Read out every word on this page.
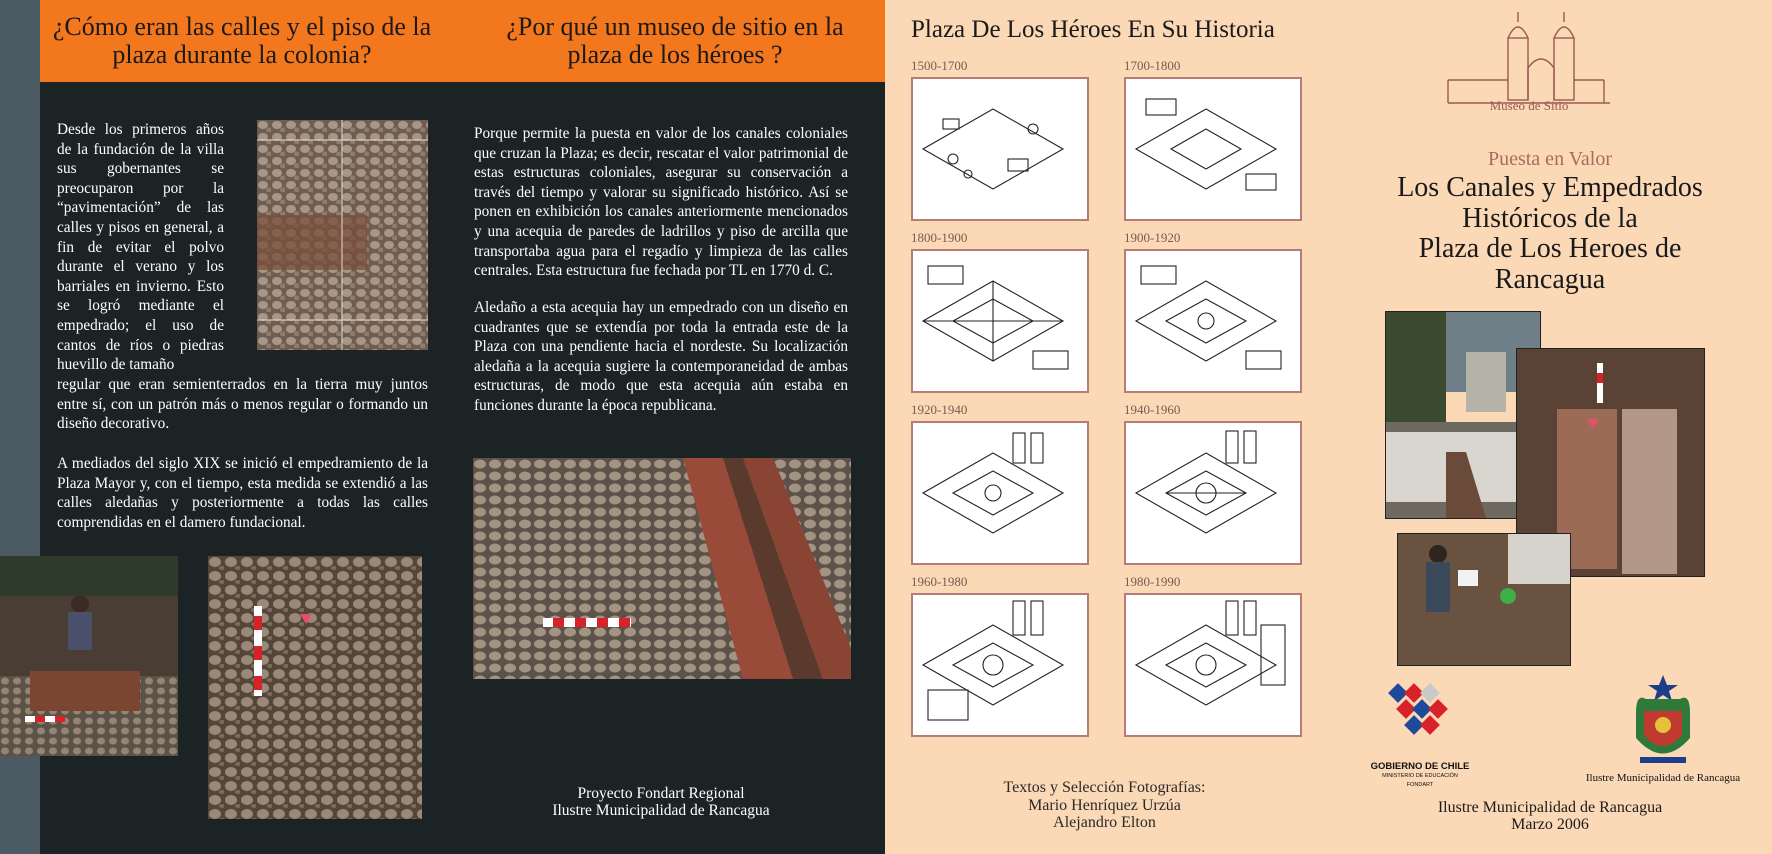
¿Cómo eran las calles y el piso de la plaza durante la colonia?

Desde los primeros años de la fundación de la villa sus gobernantes se preocuparon por la “pavimentación” de las calles y pisos en general, a fin de evitar el polvo durante el verano y los barriales en invierno. Esto se logró mediante el empedrado; el uso de cantos de ríos o piedras huevillo de tamaño

regular que eran semienterrados en la tierra muy juntos entre sí, con un patrón más o menos regular o formando un diseño decorativo.

A mediados del siglo XIX se inició el empedramiento de la Plaza Mayor y, con el tiempo, esta medida se extendió a las calles aledañas y posteriormente a todas las calles comprendidas en el damero fundacional.

¿Por qué un museo de sitio en la plaza de los héroes ?

Porque permite la puesta en valor de los canales coloniales que cruzan la Plaza; es decir, rescatar el valor patrimonial de estas estructuras coloniales, asegurar su conservación a través del tiempo y valorar su significado histórico. Así se ponen en exhibición los canales anteriormente mencionados y una acequia de paredes de ladrillos y piso de arcilla que transportaba agua para el regadío y limpieza de las calles centrales. Esta estructura fue fechada por TL en 1770 d. C.

Aledaño a esta acequia hay un empedrado con un diseño en cuadrantes que se extendía por toda la entrada este de la Plaza con una pendiente hacia el nordeste. Su localización aledaña a la acequia sugiere la contemporaneidad de ambas estructuras, de modo que esta acequia aún estaba en funciones durante la época republicana.

Proyecto Fondart Regional
Ilustre Municipalidad de Rancagua
Plaza De Los Héroes En Su Historia
1500-1700	1700-1800
1800-1900	1900-1920
1920-1940	1940-1960
1960-1980	1980-1990
Textos y Selección Fotografías:
Mario Henríquez Urzúa
Alejandro Elton
Museo de Sitio
Puesta en Valor
Los Canales y Empedrados
Históricos de la
Plaza de Los Heroes de
Rancagua
GOBIERNO DE CHILE
MINISTERIO DE EDUCACIÓN
FONDART
Ilustre Municipalidad de Rancagua
Ilustre Municipalidad de Rancagua
Marzo 2006
